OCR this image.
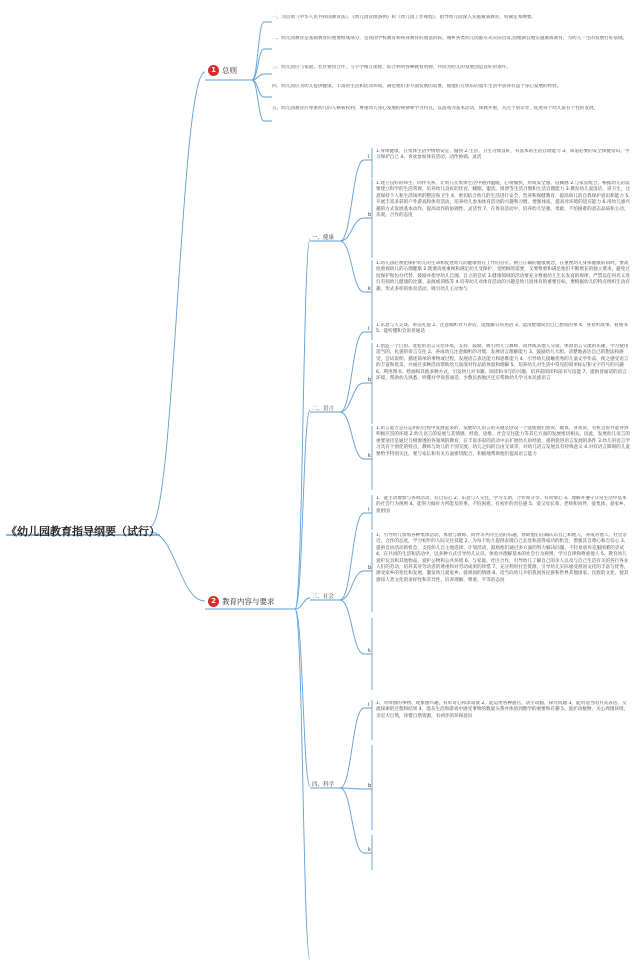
《幼儿园教育指导纲要（试行）
1 总则
一、为贯彻《中华人民共和国教育法》、《幼儿园管理条例》和《幼儿园工作规程》，指导幼儿园深入实施素质教育，特制定本纲要。
二、幼儿园教育是基础教育的重要组成部分，是我国学校教育和终身教育的奠基阶段。城乡各类幼儿园都应从实际出发,因地制宜地实施素质教育，为幼儿一生的发展打好基础。
三、幼儿园应与家庭、社区密切合作，与小学相互衔接，综合利用各种教育资源，共同为幼儿的发展创造良好的条件。
四、幼儿园应为幼儿提供健康、丰富的生活和活动环境，满足他们多方面发展的需要，使他们在快乐的童年生活中获得有益于身心发展的经验。
五、幼儿园教育应尊重幼儿的人格和权利，尊重幼儿身心发展的规律和学习特点，以游戏为基本活动，保教并重，关注个别差异，促进每个幼儿富有个性的发展。
2 教育内容与要求
一、健康
i
b
k
1.身体健康，在集体生活中情绪安定、愉快 2.生活、卫生习惯良好，有基本的生活自理能力 3、知道必要的安全保健常识，学习保护自己 4、喜欢参加体育活动，动作协调、灵活
1.建立良好的师生、同伴关系，让幼儿在集体生活中感到温暖，心情愉快，形成安全感、信赖感 2.与家长配合，根据幼儿的需要建立科学的生活常规，培养幼儿良好的饮食、睡眠、盥洗、排泄等生活习惯和生活自理能力 3.教育幼儿爱清洁、讲卫生，注意保持个人和生活场所的整洁和卫生 4、密切结合幼儿的生活进行安全、营养和保健教育，提高幼儿的自我保护意识和能力 5.开展丰富多彩的户外游戏和体育活动，培养幼儿参加体育活动的兴趣和习惯，增强体质，提高对环境的适应能力 6.用幼儿感兴趣的方式发展基本动作，提高动作的协调性、灵活性 7、在体育活动中，培养幼儿坚强、勇敢、不怕困难的意志品质和主动、乐观、合作的态度
1.幼儿园必须把保护幼儿的生命和促进幼儿的健康放在工作的首位。树立正确的健康观念，在重视幼儿身体健康的同时，要高度重视幼儿的心理健康 2.既要高度重视和满足幼儿受保护、受照顾的需要，又要尊重和满足他们不断增长的独立要求，避免过度保护和包办代替，鼓励并指导幼儿自理、自立的尝试 3.健康领域的活动要充分尊重幼儿生长发育的规律，严禁以任何名义进行有损幼儿健康的比赛、表演或训练等 4.培养幼儿对体育活动的兴趣是幼儿园体育的重要目标，要根据幼儿的特点组织生动有趣、形式多样的体育活动，吸引幼儿主动参与
二、语言
i
b
k
1.乐意与人交谈，讲话礼貌 2、注意倾听对方讲话，能理解日常用语 3、能清楚地说出自己想说的事 4、喜欢听故事、看图书 5、能听懂和会说普通话
1.创造一个自由、宽松的语言交往环境，支持、鼓励、吸引幼儿与教师、同伴或其他人交谈，体验语言交流的乐趣，学习使用适当的、礼貌的语言交往 2、养成幼儿注意倾听的习惯，发展语言理解能力 3、鼓励幼儿大胆、清楚地表达自己的想法和感受，尝试说明、描述简单的事物或过程，发展语言表达能力和思维能力 4、引导幼儿接触优秀的儿童文学作品，使之感受语言的丰富和优美，并通过多种活动帮助幼儿加深对作品的体验和理解 5、培养幼儿对生活中常见的简单标记和文字符号的兴趣 6、利用图书、绘画和其他多种方式，引发幼儿对书籍、阅读和书写的兴趣，培养前阅读和前书写技能 7、提供普通话的语言环境，帮助幼儿熟悉、听懂并学说普通话。少数民族地区还应帮助幼儿学习本民族语言
1.语言能力是在运用的过程中发展起来的，发展幼儿语言的关键是创设一个能使他们想说、敢说、喜欢说、有机会说并能得到积极应答的环境 2.幼儿语言的发展与其情感、经验、思维、社会交往能力等其它方面的发展密切相关。因此，发展幼儿语言的重要途径是通过互相渗透的各领域的教育，在丰富多彩的活动中去扩展幼儿的经验，提供促进语言发展的条件 3.幼儿的语言学习具有个别化的特点，教师与幼儿的个别交流、幼儿之间的自由交谈等，对幼儿语言发展具有特殊意义 4.对有语言障碍的儿童要给予特别关注，要与家长和有关方面密切配合，积极地帮助他们提高语言能力
三、社会
i
b
k
1、能主动地参与各项活动，有自信心 2、乐意与人交往，学习互助、合作和分享，有同情心 3、理解并遵守日常生活中基本的社会行为规则 4、能努力做好力所能及的事，不怕困难，有初步的责任感 5、爱父母长辈、老师和同伴，爱集体、爱家乡、爱祖国
1、引导幼儿参加各种集体活动，体验与教师、同伴等共同生活的乐趣，帮助他们正确认识自己和他人，养成对他人、社会亲近、合作的态度，学习初步的人际交往技能 2、为每个幼儿提供表现自己长处和获得成功的机会，增强其自尊心和自信心 3、提供自由活动的机会，支持幼儿自主地选择、计划活动，鼓励他们通过多方面的努力解决问题，不轻易放弃克服困难的尝试 4、在共同的生活和活动中，以多种方式引导幼儿认识、体验并理解基本的社会行为规则，学习自律和尊重他人 5、教育幼儿爱护玩具和其他物品，爱护公物和公共环境 6、与家庭、社区合作，引导幼儿了解自己的亲人以及与自己生活有关的各行各业人们的劳动，培养其对劳动者的尊重和对劳动成果的珍惜 7、充分利用社会资源，引导幼儿实际感受祖国文化的丰富与优秀，感受家乡的变化和发展，激发幼儿爱家乡、爱祖国的情感 8、适当向幼儿介绍我国各民族和世界其他国家、民族的文化，使其感知人类文化的多样性和差异性，培养理解、尊重、平等的态度
四、科学
i
b
k
1、对周围的事物、现象感兴趣，有好奇心和求知欲 2、能运用各种感官，动手动脑，探究问题 3、能用适当的方式表达、交流探索的过程和结果 4、能从生活和游戏中感受事物的数量关系并体验到数学的重要和有趣 5、爱护动植物，关心周围环境，亲近大自然，珍惜自然资源，有初步的环保意识
